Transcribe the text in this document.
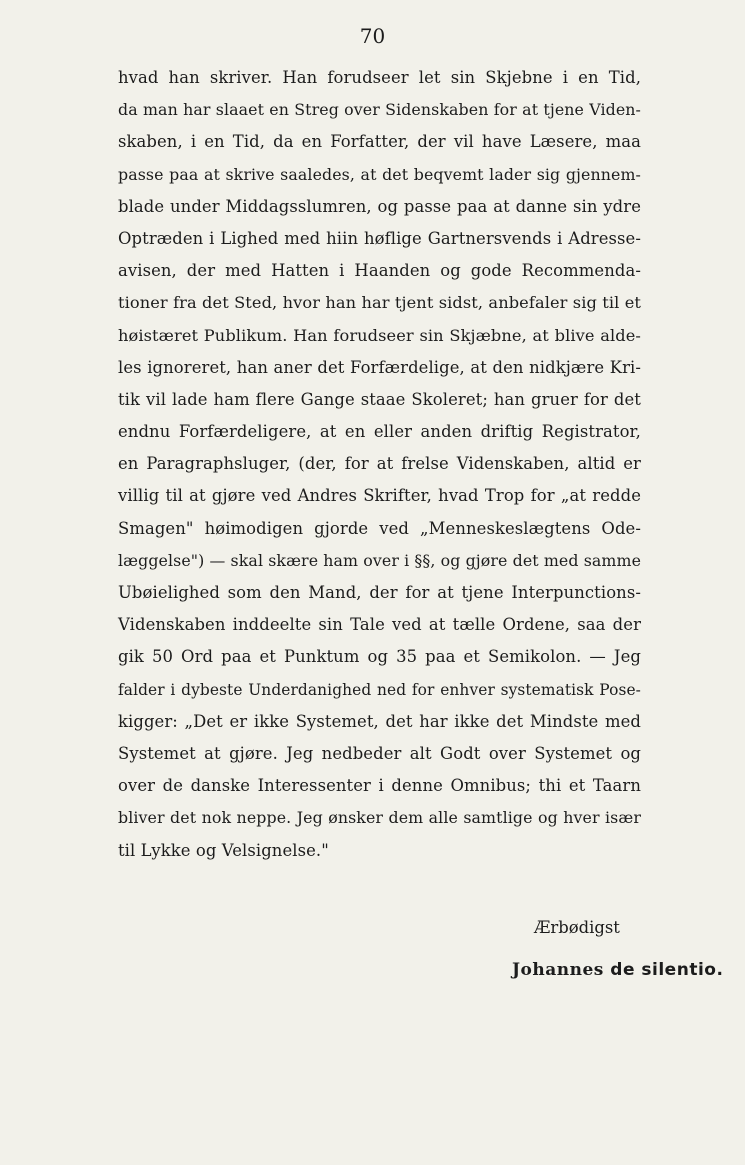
70
hvad han skriver. Han forudseer let sin Skjebne i en Tid,
da man har slaaet en Streg over Sidenskaben for at tjene Viden-
skaben, i en Tid, da en Forfatter, der vil have Læsere, maa
passe paa at skrive saaledes, at det beqvemt lader sig gjennem-
blade under Middagsslumren, og passe paa at danne sin ydre
Optræden i Lighed med hiin høflige Gartnersvends i Adresse-
avisen, der med Hatten i Haanden og gode Recommenda-
tioner fra det Sted, hvor han har tjent sidst, anbefaler sig til et
høistæret Publikum. Han forudseer sin Skjæbne, at blive alde-
les ignoreret, han aner det Forfærdelige, at den nidkjære Kri-
tik vil lade ham flere Gange staae Skoleret; han gruer for det
endnu Forfærdeligere, at en eller anden driftig Registrator,
en Paragraphsluger, (der, for at frelse Videnskaben, altid er
villig til at gjøre ved Andres Skrifter, hvad Trop for „at redde
Smagen" høimodigen gjorde ved „Menneskeslægtens Ode-
læggelse") — skal skære ham over i §§, og gjøre det med samme
Ubøielighed som den Mand, der for at tjene Interpunctions-
Videnskaben inddeelte sin Tale ved at tælle Ordene, saa der
gik 50 Ord paa et Punktum og 35 paa et Semikolon. — Jeg
falder i dybeste Underdanighed ned for enhver systematisk Pose-
kigger: „Det er ikke Systemet, det har ikke det Mindste med
Systemet at gjøre. Jeg nedbeder alt Godt over Systemet og
over de danske Interessenter i denne Omnibus; thi et Taarn
bliver det nok neppe. Jeg ønsker dem alle samtlige og hver især
til Lykke og Velsignelse."
Ærbødigst
Johannes de silentio.
